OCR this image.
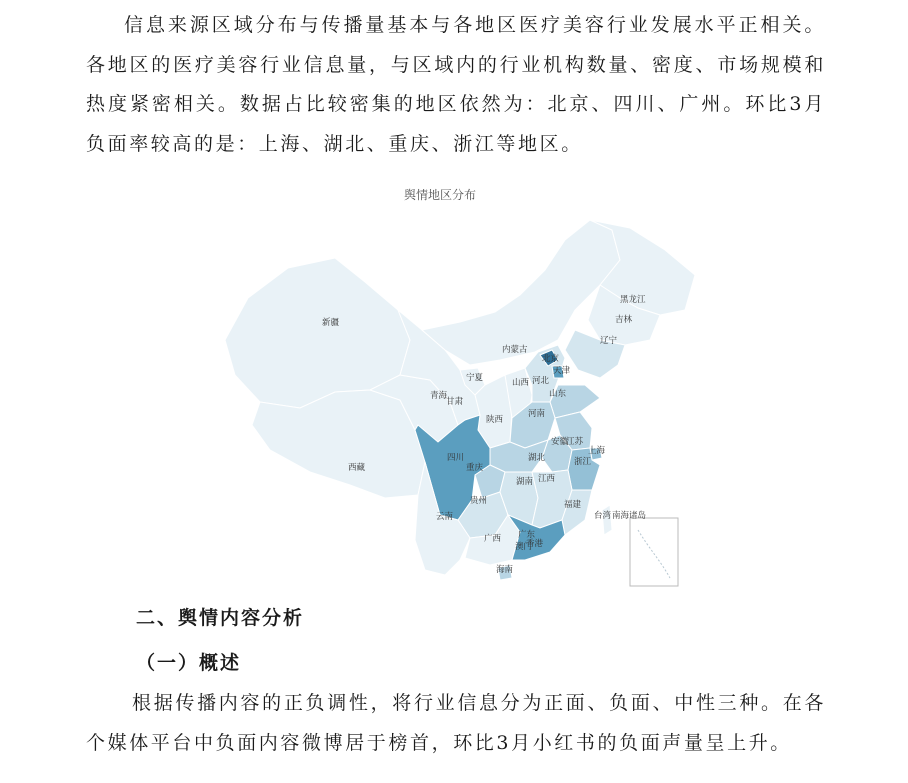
信息来源区域分布与传播量基本与各地区医疗美容行业发展水平正相关。各地区的医疗美容行业信息量，与区域内的行业机构数量、密度、市场规模和热度紧密相关。数据占比较密集的地区依然为：北京、四川、广州。环比3月负面率较高的是：上海、湖北、重庆、浙江等地区。

舆情地区分布
新疆
西藏
青海
甘肃
内蒙古
宁夏
陕西
山西 河北
北京
天津
黑龙江
吉林
辽宁
山东
河南
江苏
安徽
上海
浙江
湖北
四川
重庆
贵州
云南
湖南 江西
福建
广西 广东
海南
台湾
香港
澳门
南海诸岛
二、舆情内容分析
（一）概述

根据传播内容的正负调性，将行业信息分为正面、负面、中性三种。在各个媒体平台中负面内容微博居于榜首，环比3月小红书的负面声量呈上升。
